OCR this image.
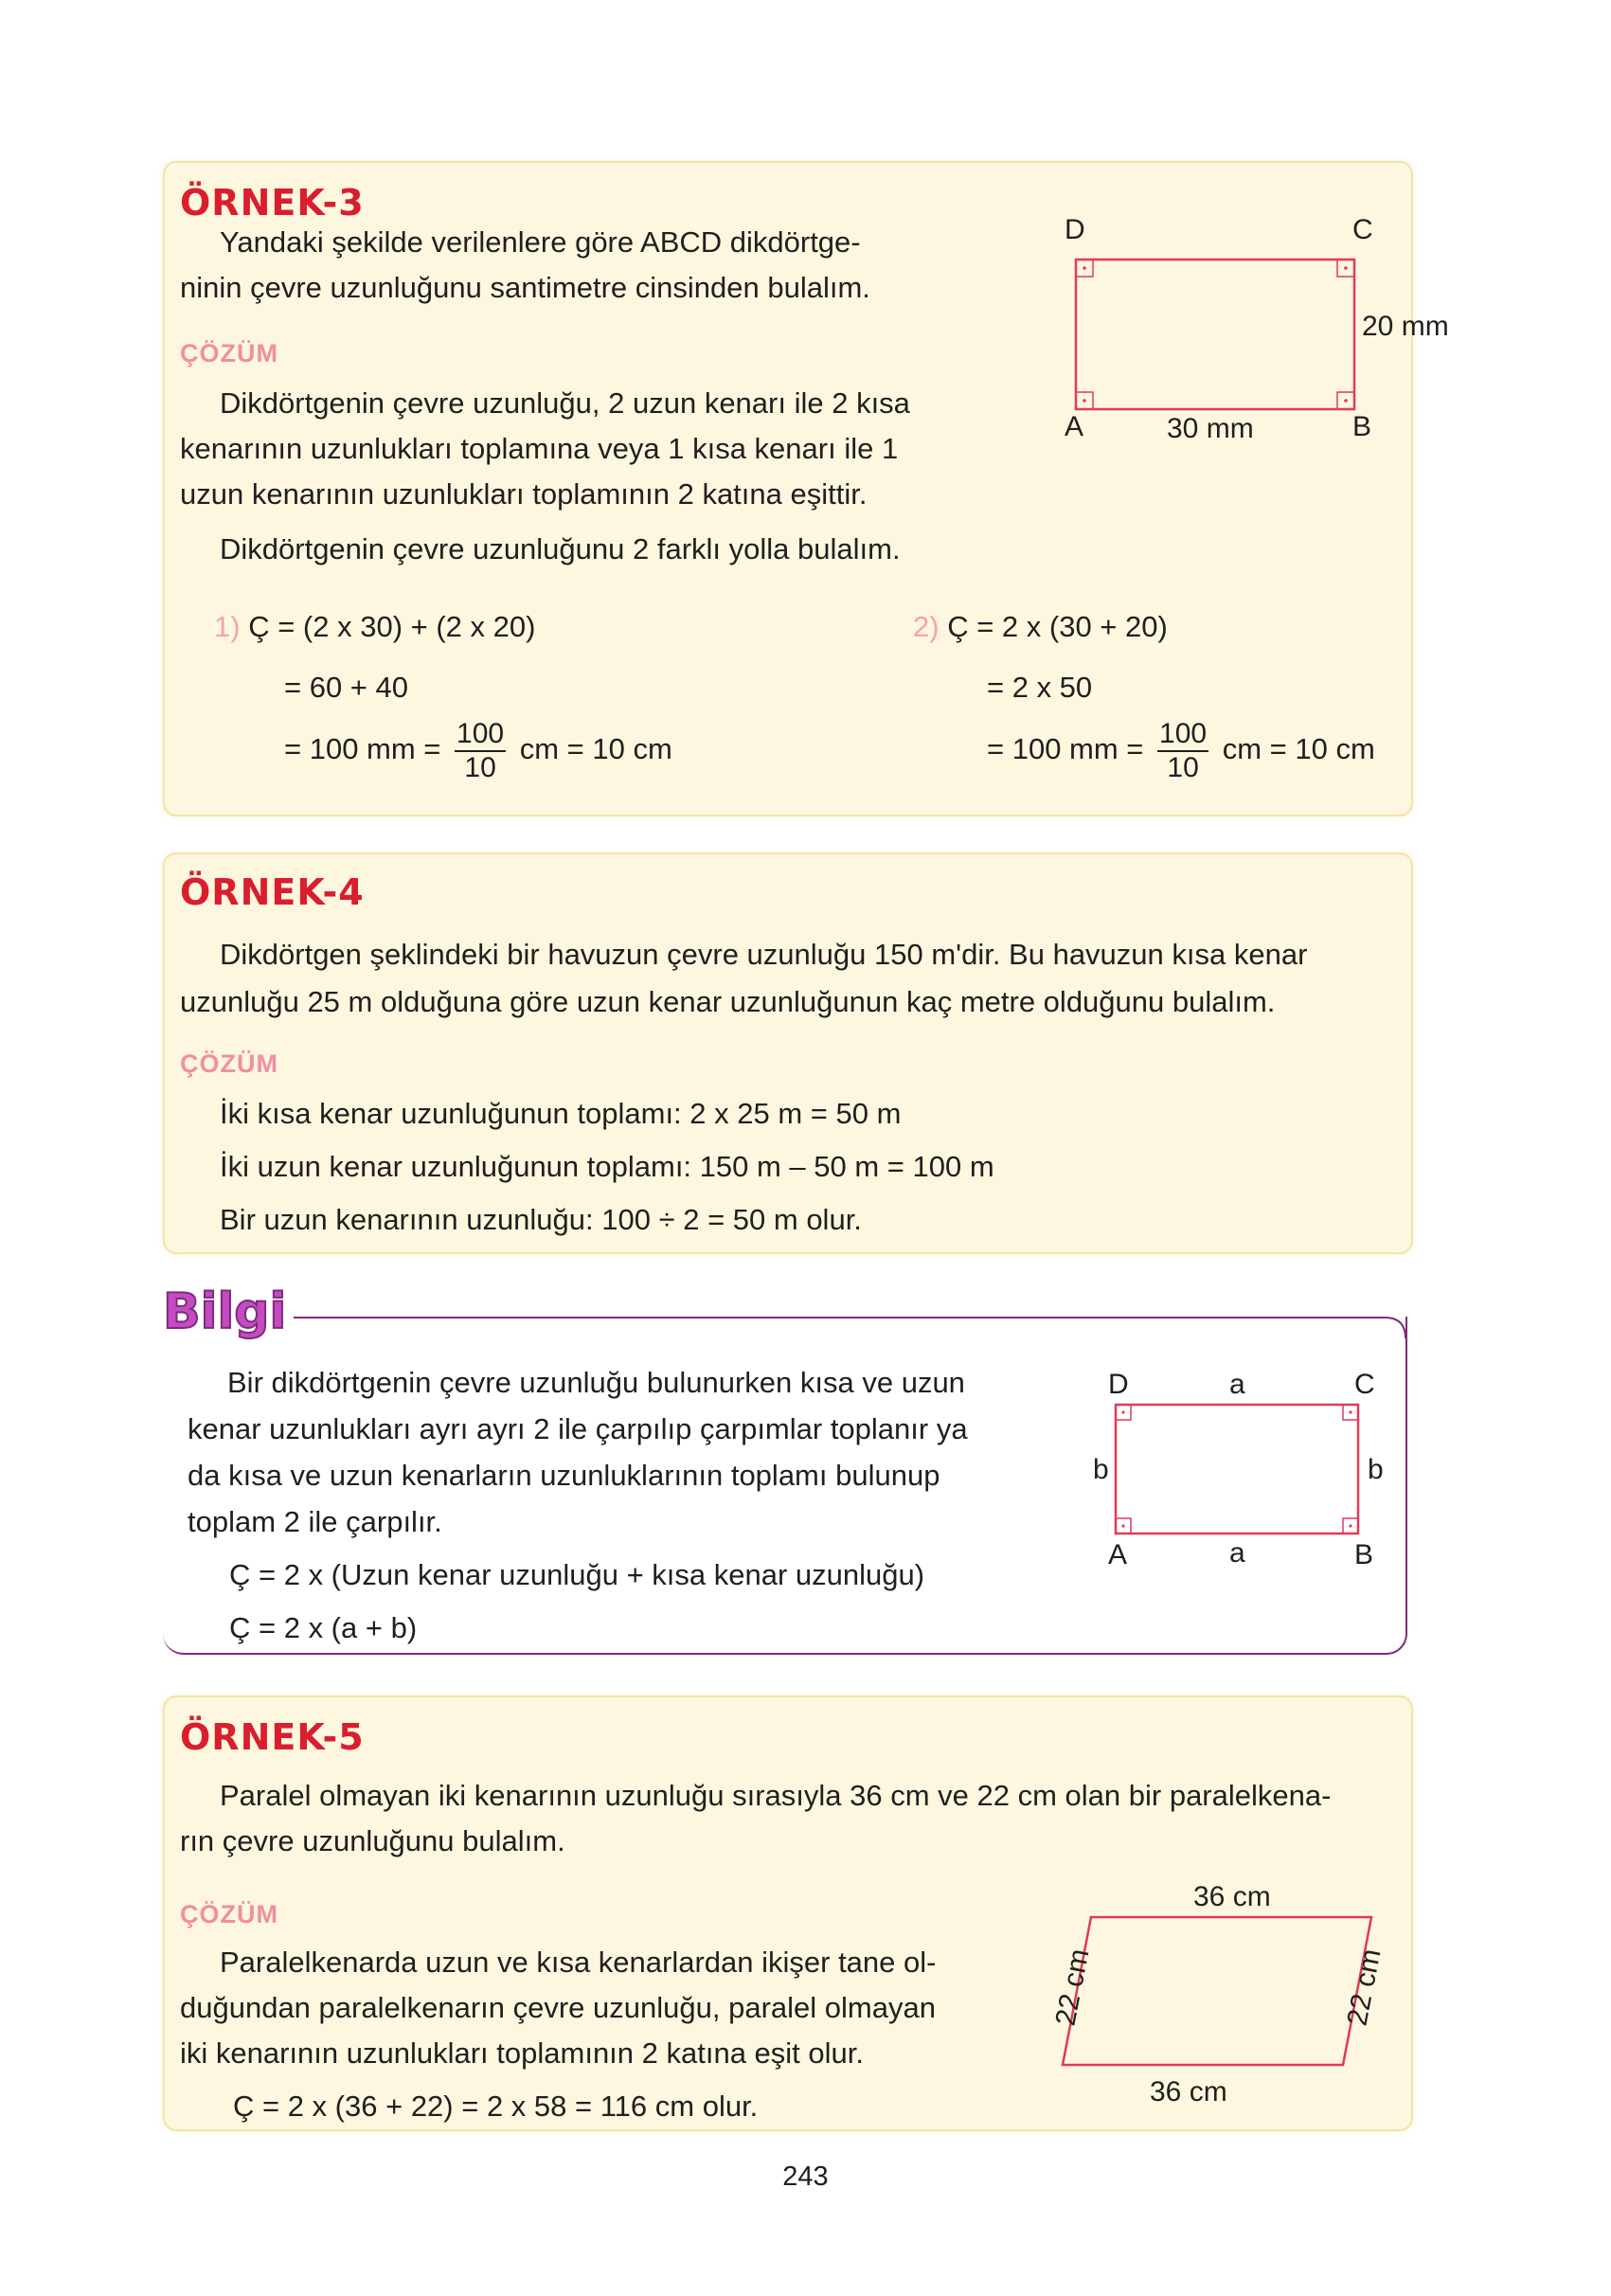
ÖRNEK-3
Yandaki şekilde verilenlere göre ABCD dikdörtge-
ninin çevre uzunluğunu santimetre cinsinden bulalım.
ÇÖZÜM
Dikdörtgenin çevre uzunluğu, 2 uzun kenarı ile 2 kısa
kenarının uzunlukları toplamına veya 1 kısa kenarı ile 1
uzun kenarının uzunlukları toplamının 2 katına eşittir.
Dikdörtgenin çevre uzunluğunu 2 farklı yolla bulalım.
D	C
A	B
30 mm
20 mm
1) Ç = (2 x 30) + (2 x 20)
= 60 + 40
= 100 mm = $\frac{100}{10}$ cm = 10 cm
2) Ç = 2 x (30 + 20)
= 2 x 50
= 100 mm = $\frac{100}{10}$ cm = 10 cm
ÖRNEK-4
Dikdörtgen şeklindeki bir havuzun çevre uzunluğu 150 m'dir. Bu havuzun kısa kenar
uzunluğu 25 m olduğuna göre uzun kenar uzunluğunun kaç metre olduğunu bulalım.
ÇÖZÜM
İki kısa kenar uzunluğunun toplamı: 2 x 25 m = 50 m
İki uzun kenar uzunluğunun toplamı: 150 m – 50 m = 100 m
Bir uzun kenarının uzunluğu: 100 ÷ 2 = 50 m olur.
Bilgi
Bir dikdörtgenin çevre uzunluğu bulunurken kısa ve uzun
kenar uzunlukları ayrı ayrı 2 ile çarpılıp çarpımlar toplanır ya
da kısa ve uzun kenarların uzunluklarının toplamı bulunup
toplam 2 ile çarpılır.
Ç = 2 x (Uzun kenar uzunluğu + kısa kenar uzunluğu)
Ç = 2 x (a + b)
D	C
A	B
a
a
b	b
ÖRNEK-5
Paralel olmayan iki kenarının uzunluğu sırasıyla 36 cm ve 22 cm olan bir paralelkena-
rın çevre uzunluğunu bulalım.
ÇÖZÜM
Paralelkenarda uzun ve kısa kenarlardan ikişer tane ol-
duğundan paralelkenarın çevre uzunluğu, paralel olmayan
iki kenarının uzunlukları toplamının 2 katına eşit olur.
Ç = 2 x (36 + 22) = 2 x 58 = 116 cm olur.
36 cm
36 cm
22 cm	22 cm
243
